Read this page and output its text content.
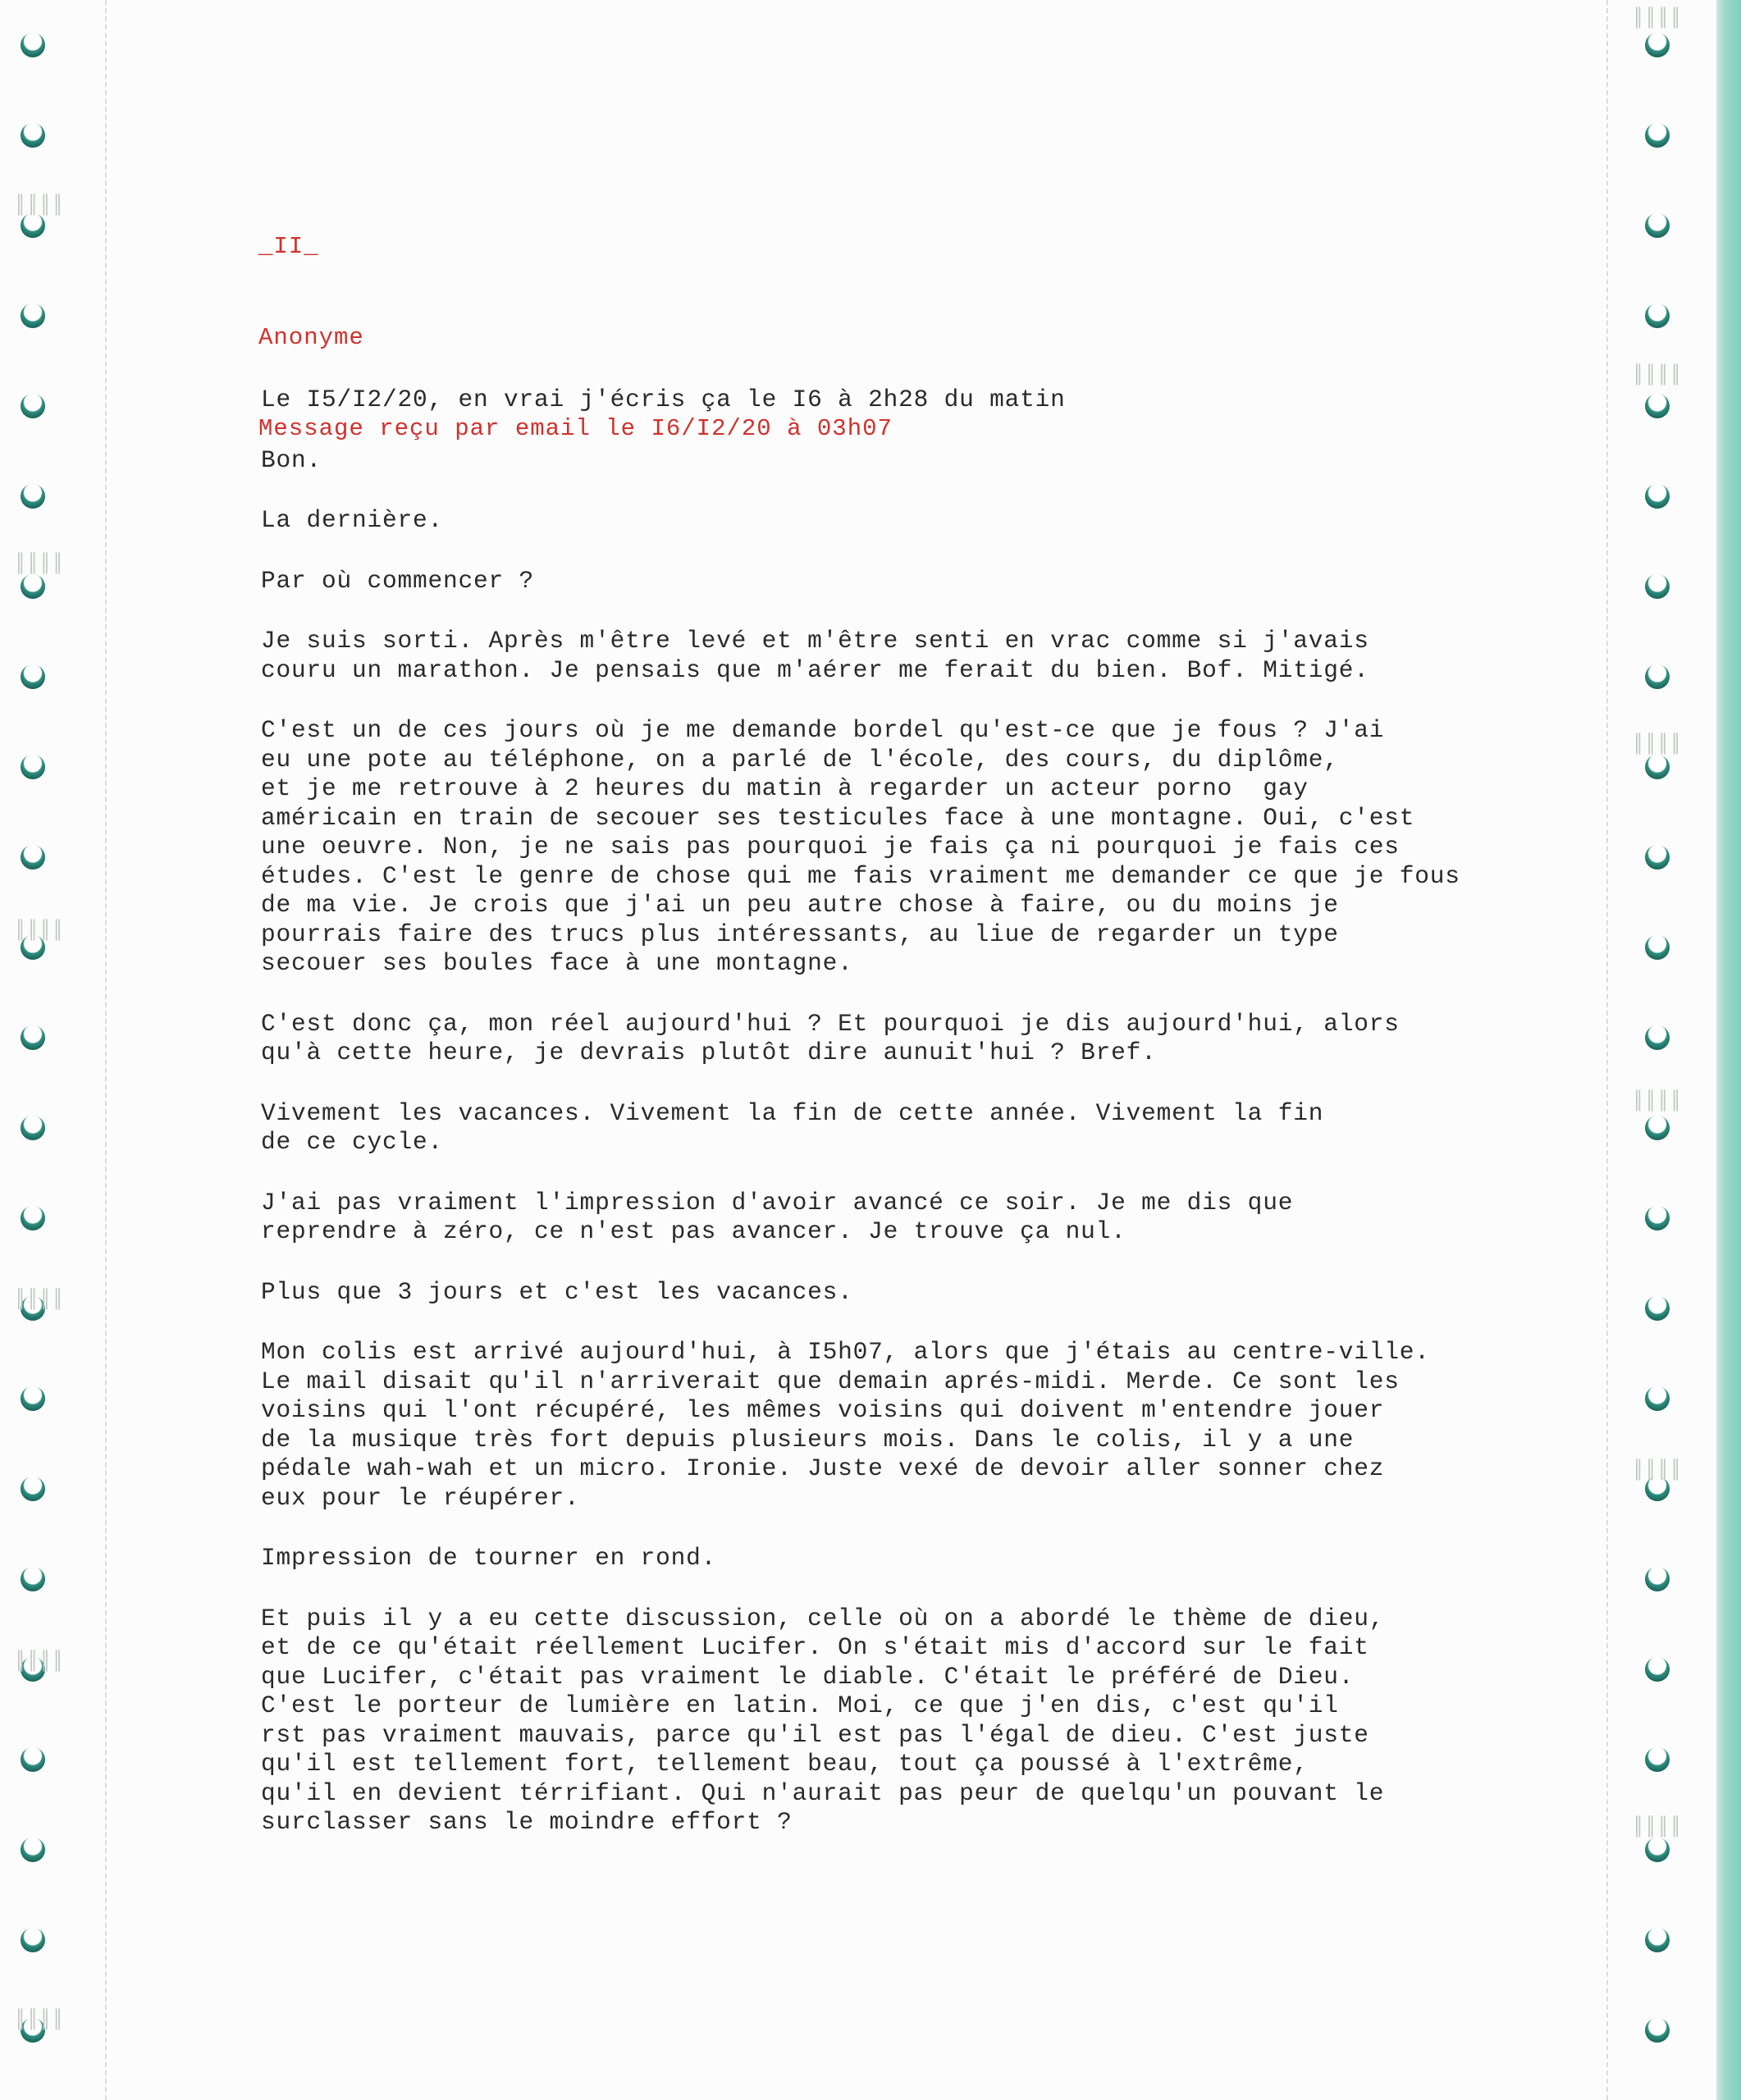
_II_

Anonyme

Message reçu par email le I6/I2/20 à 03h07

Le I5/I2/20, en vrai j'écris ça le I6 à 2h28 du matin

Bon.

La dernière.

Par où commencer ?

Je suis sorti. Après m'être levé et m'être senti en vrac comme si j'avais
couru un marathon. Je pensais que m'aérer me ferait du bien. Bof. Mitigé.

C'est un de ces jours où je me demande bordel qu'est-ce que je fous ? J'ai
eu une pote au téléphone, on a parlé de l'école, des cours, du diplôme,
et je me retrouve à 2 heures du matin à regarder un acteur porno  gay
américain en train de secouer ses testicules face à une montagne. Oui, c'est
une oeuvre. Non, je ne sais pas pourquoi je fais ça ni pourquoi je fais ces
études. C'est le genre de chose qui me fais vraiment me demander ce que je fous
de ma vie. Je crois que j'ai un peu autre chose à faire, ou du moins je
pourrais faire des trucs plus intéressants, au liue de regarder un type
secouer ses boules face à une montagne.

C'est donc ça, mon réel aujourd'hui ? Et pourquoi je dis aujourd'hui, alors
qu'à cette heure, je devrais plutôt dire aunuit'hui ? Bref.

Vivement les vacances. Vivement la fin de cette année. Vivement la fin
de ce cycle.

J'ai pas vraiment l'impression d'avoir avancé ce soir. Je me dis que
reprendre à zéro, ce n'est pas avancer. Je trouve ça nul.

Plus que 3 jours et c'est les vacances.

Mon colis est arrivé aujourd'hui, à I5h07, alors que j'étais au centre-ville.
Le mail disait qu'il n'arriverait que demain aprés-midi. Merde. Ce sont les
voisins qui l'ont récupéré, les mêmes voisins qui doivent m'entendre jouer
de la musique très fort depuis plusieurs mois. Dans le colis, il y a une
pédale wah-wah et un micro. Ironie. Juste vexé de devoir aller sonner chez
eux pour le réupérer.

Impression de tourner en rond.

Et puis il y a eu cette discussion, celle où on a abordé le thème de dieu,
et de ce qu'était réellement Lucifer. On s'était mis d'accord sur le fait
que Lucifer, c'était pas vraiment le diable. C'était le préféré de Dieu.
C'est le porteur de lumière en latin. Moi, ce que j'en dis, c'est qu'il
rst pas vraiment mauvais, parce qu'il est pas l'égal de dieu. C'est juste
qu'il est tellement fort, tellement beau, tout ça poussé à l'extrême,
qu'il en devient térrifiant. Qui n'aurait pas peur de quelqu'un pouvant le
surclasser sans le moindre effort ?

║║║║
║║║║
║║║║
║║║║
║║║║
║║║║
║║║║
║║║║
║║║║
║║║║
║║║║
║║║║
